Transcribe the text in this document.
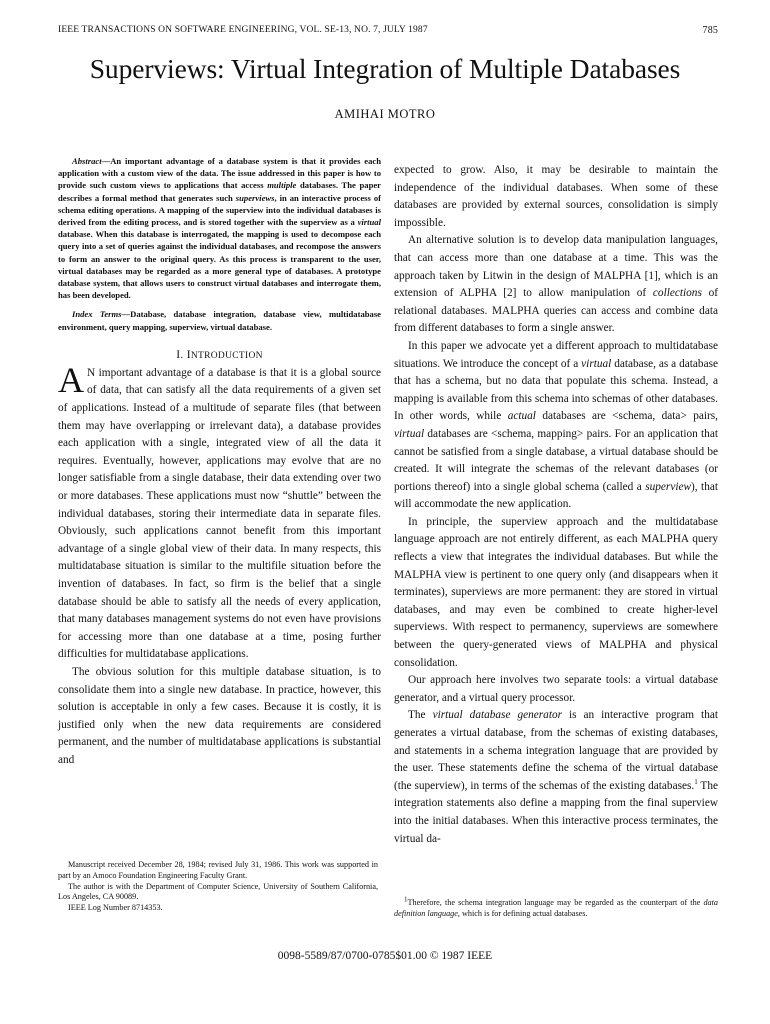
IEEE TRANSACTIONS ON SOFTWARE ENGINEERING, VOL. SE-13, NO. 7, JULY 1987	785
Superviews: Virtual Integration of Multiple Databases
AMIHAI MOTRO

Abstract—An important advantage of a database system is that it provides each application with a custom view of the data. The issue addressed in this paper is how to provide such custom views to applications that access multiple databases. The paper describes a formal method that generates such superviews, in an interactive process of schema editing operations. A mapping of the superview into the individual databases is derived from the editing process, and is stored together with the superview as a virtual database. When this database is interrogated, the mapping is used to decompose each query into a set of queries against the individual databases, and recompose the answers to form an answer to the original query. As this process is transparent to the user, virtual databases may be regarded as a more general type of databases. A prototype database system, that allows users to construct virtual databases and interrogate them, has been developed.

Index Terms—Database, database integration, database view, multidatabase environment, query mapping, superview, virtual database.

I. INTRODUCTION

AN important advantage of a database is that it is a global source of data, that can satisfy all the data requirements of a given set of applications. Instead of a multitude of separate files (that between them may have overlapping or irrelevant data), a database provides each application with a single, integrated view of all the data it requires. Eventually, however, applications may evolve that are no longer satisfiable from a single database, their data extending over two or more databases. These applications must now “shuttle” between the individual databases, storing their intermediate data in separate files. Obviously, such applications cannot benefit from this important advantage of a single global view of their data. In many respects, this multidatabase situation is similar to the multifile situation before the invention of databases. In fact, so firm is the belief that a single database should be able to satisfy all the needs of every application, that many databases management systems do not even have provisions for accessing more than one database at a time, posing further difficulties for multidatabase applications.

The obvious solution for this multiple database situation, is to consolidate them into a single new database. In practice, however, this solution is acceptable in only a few cases. Because it is costly, it is justified only when the new data requirements are considered permanent, and the number of multidatabase applications is substantial and

expected to grow. Also, it may be desirable to maintain the independence of the individual databases. When some of these databases are provided by external sources, consolidation is simply impossible.

An alternative solution is to develop data manipulation languages, that can access more than one database at a time. This was the approach taken by Litwin in the design of MALPHA [1], which is an extension of ALPHA [2] to allow manipulation of collections of relational databases. MALPHA queries can access and combine data from different databases to form a single answer.

In this paper we advocate yet a different approach to multidatabase situations. We introduce the concept of a virtual database, as a database that has a schema, but no data that populate this schema. Instead, a mapping is available from this schema into schemas of other databases. In other words, while actual databases are <schema, data> pairs, virtual databases are <schema, mapping> pairs. For an application that cannot be satisfied from a single database, a virtual database should be created. It will integrate the schemas of the relevant databases (or portions thereof) into a single global schema (called a superview), that will accommodate the new application.

In principle, the superview approach and the multidatabase language approach are not entirely different, as each MALPHA query reflects a view that integrates the individual databases. But while the MALPHA view is pertinent to one query only (and disappears when it terminates), superviews are more permanent: they are stored in virtual databases, and may even be combined to create higher-level superviews. With respect to permanency, superviews are somewhere between the query-generated views of MALPHA and physical consolidation.

Our approach here involves two separate tools: a virtual database generator, and a virtual query processor.

The virtual database generator is an interactive program that generates a virtual database, from the schemas of existing databases, and statements in a schema integration language that are provided by the user. These statements define the schema of the virtual database (the superview), in terms of the schemas of the existing databases.$^1$ The integration statements also define a mapping from the final superview into the initial databases. When this interactive process terminates, the virtual da-

Manuscript received December 28, 1984; revised July 31, 1986. This work was supported in part by an Amoco Foundation Engineering Faculty Grant.

The author is with the Department of Computer Science, University of Southern California, Los Angeles, CA 90089.

IEEE Log Number 8714353.

$^1$Therefore, the schema integration language may be regarded as the counterpart of the data definition language, which is for defining actual databases.

0098-5589/87/0700-0785$01.00 © 1987 IEEE
